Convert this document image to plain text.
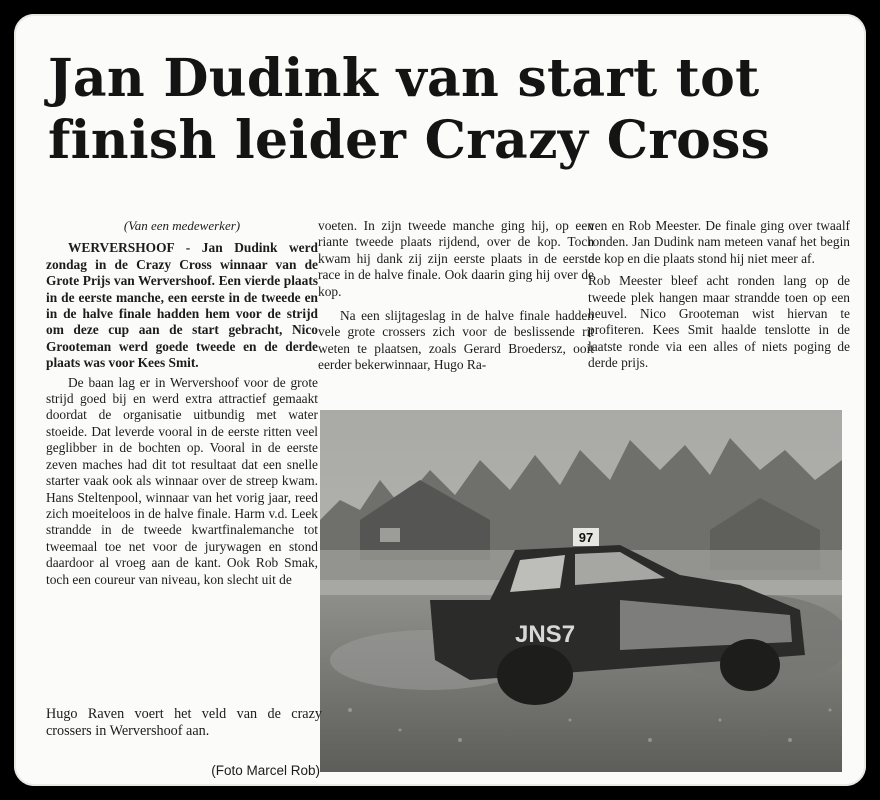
Jan Dudink van start tot
finish leider Crazy Cross

(Van een medewerker)

WERVERSHOOF - Jan Dudink werd zondag in de Crazy Cross winnaar van de Grote Prijs van Wervershoof. Een vierde plaats in de eerste manche, een eerste in de tweede en in de halve finale hadden hem voor de strijd om deze cup aan de start gebracht, Nico Grooteman werd goede tweede en de derde plaats was voor Kees Smit.

De baan lag er in Wervershoof voor de grote strijd goed bij en werd extra attractief gemaakt doordat de organisatie uitbundig met water stoeide. Dat leverde vooral in de eerste ritten veel geglibber in de bochten op. Vooral in de eerste zeven maches had dit tot resultaat dat een snelle starter vaak ook als winnaar over de streep kwam. Hans Steltenpool, winnaar van het vorig jaar, reed zich moeiteloos in de halve finale. Harm v.d. Leek strandde in de tweede kwartfinalemanche tot tweemaal toe net voor de jurywagen en stond daardoor al vroeg aan de kant. Ook Rob Smak, toch een coureur van niveau, kon slecht uit de

voeten. In zijn tweede manche ging hij, op een riante tweede plaats rijdend, over de kop. Toch kwam hij dank zij zijn eerste plaats in de eerste race in de halve finale. Ook daarin ging hij over de kop.

Na een slijtageslag in de halve finale hadden vele grote crossers zich voor de beslissende rit weten te plaatsen, zoals Gerard Broedersz, ooit eerder bekerwinnaar, Hugo Ra-

ven en Rob Meester. De finale ging over twaalf ronden. Jan Dudink nam meteen vanaf het begin de kop en die plaats stond hij niet meer af.

Rob Meester bleef acht ronden lang op de tweede plek hangen maar strandde toen op een heuvel. Nico Grooteman wist hiervan te profiteren. Kees Smit haalde tenslotte in de laatste ronde via een alles of niets poging de derde prijs.

97
JNS7
Hugo Raven voert het veld van de crazy crossers in Wervershoof aan.
(Foto Marcel Rob)
